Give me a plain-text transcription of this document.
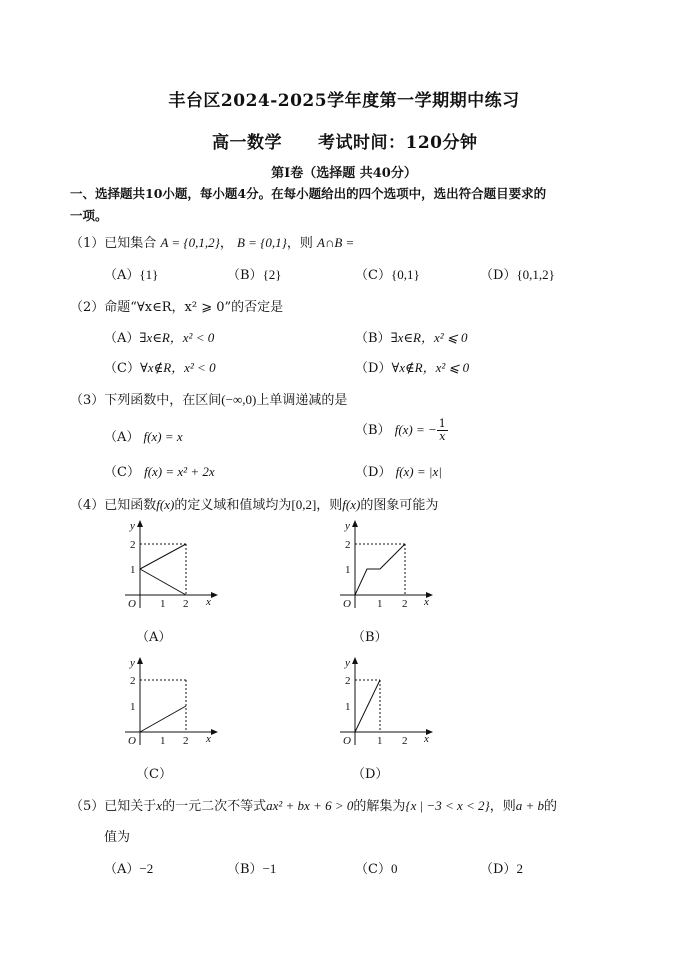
丰台区2024-2025学年度第一学期期中练习
高一数学 考试时间：120分钟
第Ⅰ卷（选择题 共40分）
一、选择题共10小题，每小题4分。在每小题给出的四个选项中，选出符合题目要求的
一项。
（1）已知集合 A = {0,1,2}， B = {0,1}，则 A∩B =
（A）{1}	（B）{2}	（C）{0,1}	（D）{0,1,2}
（2）命题“∀x∈R，x² ⩾ 0”的否定是
（A）∃x∈R，x² < 0	（B）∃x∈R，x² ⩽ 0
（C）∀x∉R，x² < 0	（D）∀x∉R，x² ⩽ 0
（3）下列函数中，在区间(−∞,0)上单调递减的是
（A） f(x) = x	（B） f(x) = − $\frac{1}{x}$
（C） f(x) = x² + 2x	（D） f(x) = |x|
（4）已知函数f(x)的定义域和值域均为[0,2]，则f(x)的图象可能为
y
2
1
O 1 2 x
（A）
y
2
1
O 1 2 x
（B）
y
2
1
O 1 2 x
（C）
y
2
1
O 1 2 x
（D）
（5）已知关于x的一元二次不等式ax² + bx + 6 > 0的解集为{x | −3 < x < 2}，则a + b的
值为
（A）−2	（B）−1	（C）0	（D）2
